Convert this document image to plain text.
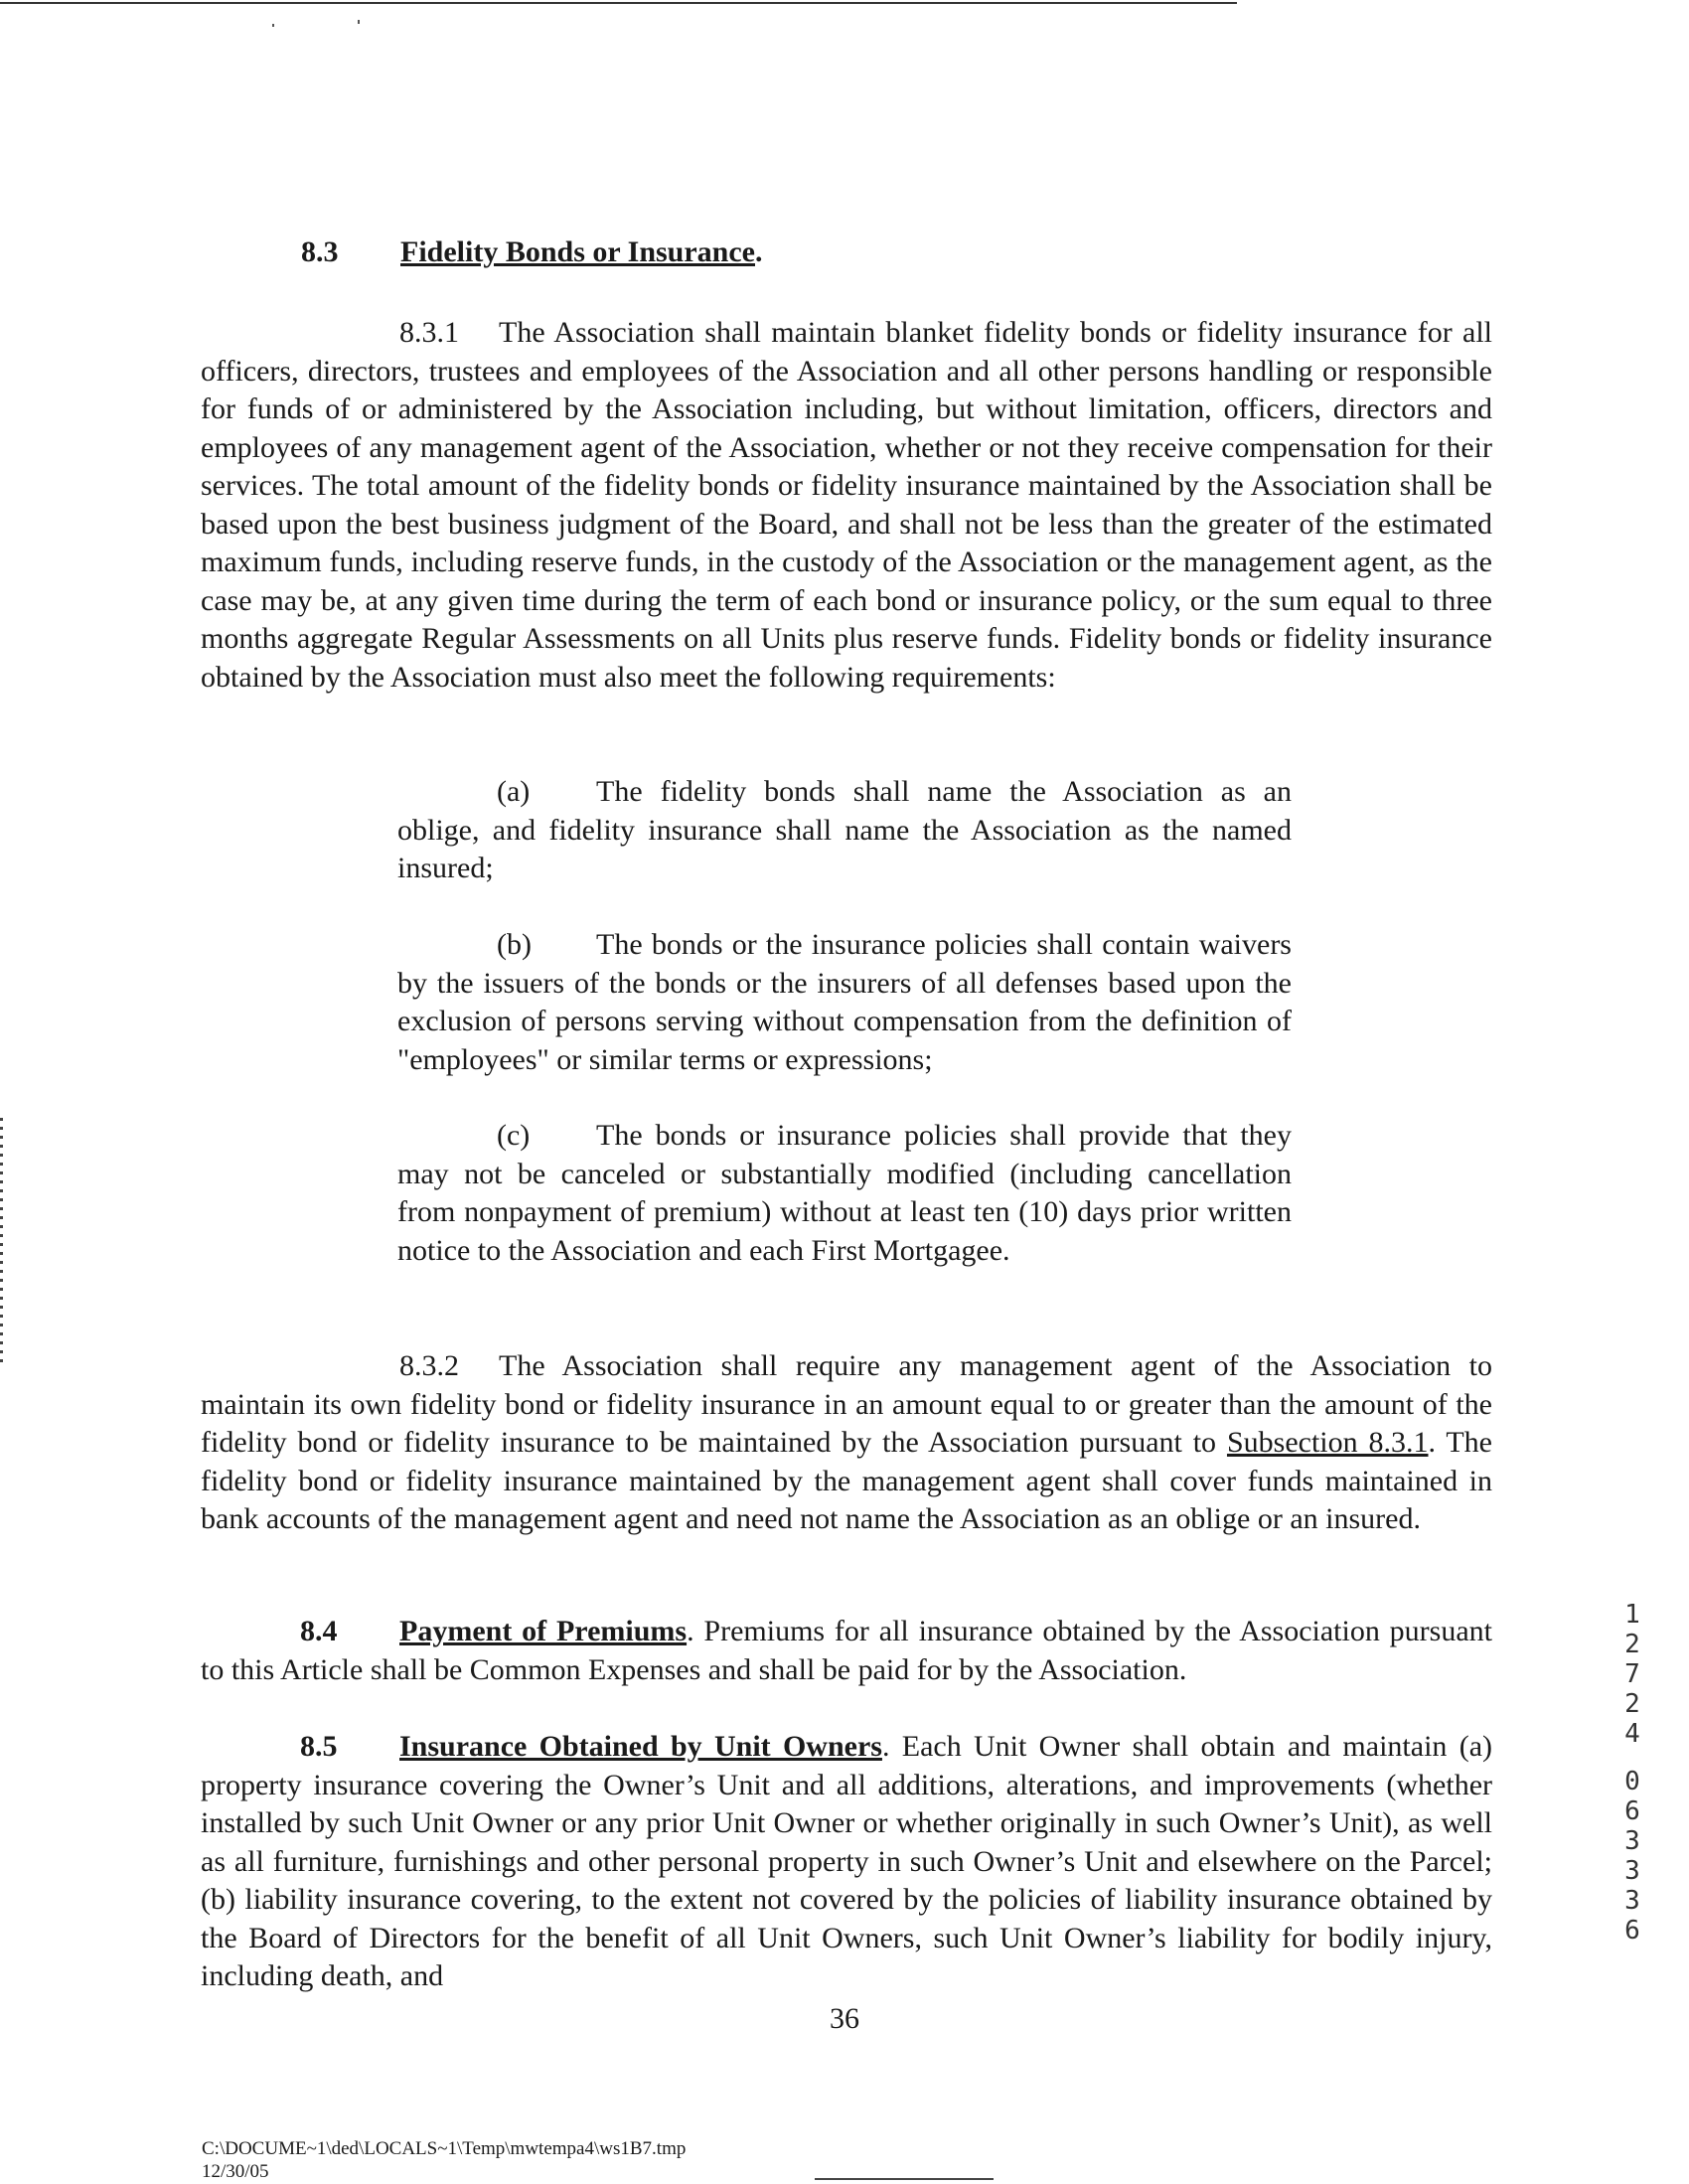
8.3 Fidelity Bonds or Insurance.
8.3.1 The Association shall maintain blanket fidelity bonds or fidelity insurance for all officers, directors, trustees and employees of the Association and all other persons handling or responsible for funds of or administered by the Association including, but without limitation, officers, directors and employees of any management agent of the Association, whether or not they receive compensation for their services. The total amount of the fidelity bonds or fidelity insurance maintained by the Association shall be based upon the best business judgment of the Board, and shall not be less than the greater of the estimated maximum funds, including reserve funds, in the custody of the Association or the management agent, as the case may be, at any given time during the term of each bond or insurance policy, or the sum equal to three months aggregate Regular Assessments on all Units plus reserve funds. Fidelity bonds or fidelity insurance obtained by the Association must also meet the following requirements:
(a) The fidelity bonds shall name the Association as an oblige, and fidelity insurance shall name the Association as the named insured;
(b) The bonds or the insurance policies shall contain waivers by the issuers of the bonds or the insurers of all defenses based upon the exclusion of persons serving without compensation from the definition of "employees" or similar terms or expressions;
(c) The bonds or insurance policies shall provide that they may not be canceled or substantially modified (including cancellation from nonpayment of premium) without at least ten (10) days prior written notice to the Association and each First Mortgagee.
8.3.2 The Association shall require any management agent of the Association to maintain its own fidelity bond or fidelity insurance in an amount equal to or greater than the amount of the fidelity bond or fidelity insurance to be maintained by the Association pursuant to Subsection 8.3.1. The fidelity bond or fidelity insurance maintained by the management agent shall cover funds maintained in bank accounts of the management agent and need not name the Association as an oblige or an insured.
8.4 Payment of Premiums. Premiums for all insurance obtained by the Association pursuant to this Article shall be Common Expenses and shall be paid for by the Association.
8.5 Insurance Obtained by Unit Owners. Each Unit Owner shall obtain and maintain (a) property insurance covering the Owner’s Unit and all additions, alterations, and improvements (whether installed by such Unit Owner or any prior Unit Owner or whether originally in such Owner’s Unit), as well as all furniture, furnishings and other personal property in such Owner’s Unit and elsewhere on the Parcel; (b) liability insurance covering, to the extent not covered by the policies of liability insurance obtained by the Board of Directors for the benefit of all Unit Owners, such Unit Owner’s liability for bodily injury, including death, and
36
C:\DOCUME~1\ded\LOCALS~1\Temp\mwtempa4\ws1B7.tmp
12/30/05
1
2
7
2
4
0
6
3
3
3
6
